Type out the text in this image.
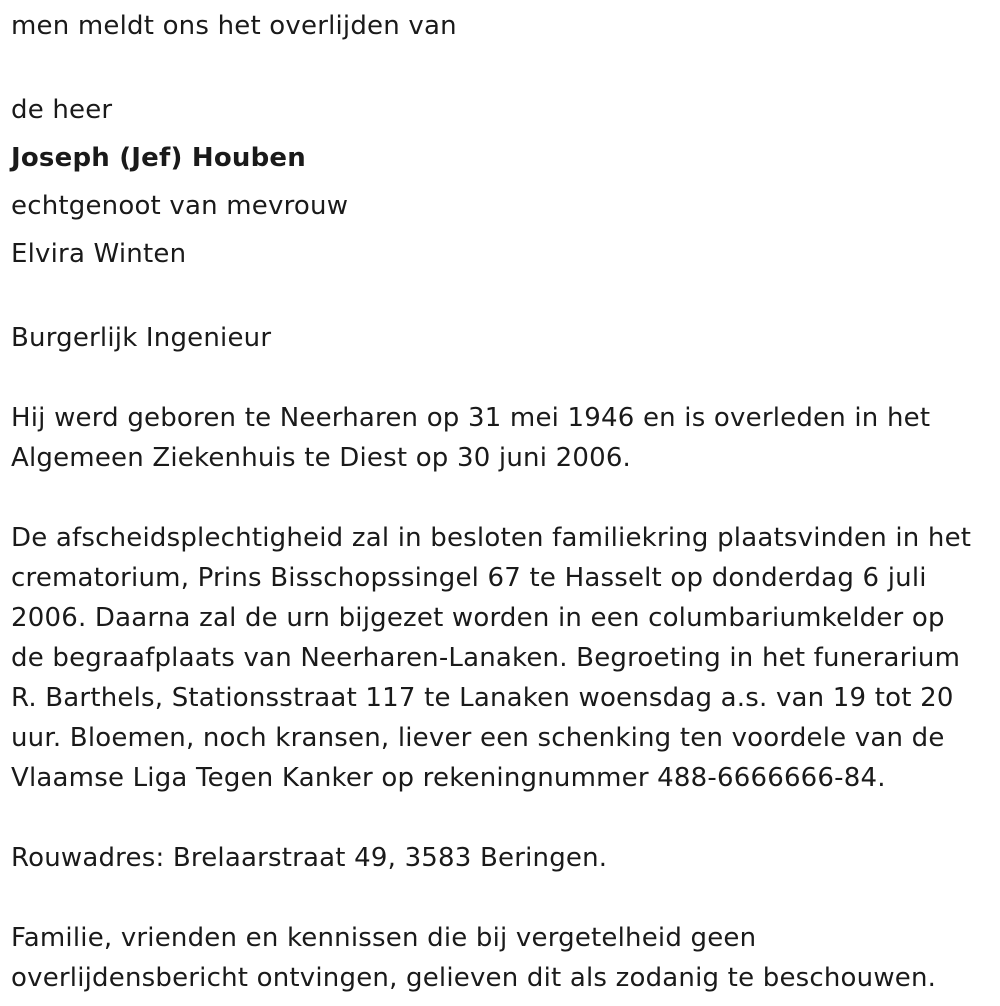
men meldt ons het overlijden van

de heer

Joseph (Jef) Houben

echtgenoot van mevrouw

Elvira Winten

Burgerlijk Ingenieur

Hij werd geboren te Neerharen op 31 mei 1946 en is overleden in het Algemeen Ziekenhuis te Diest op 30 juni 2006.

De afscheidsplechtigheid zal in besloten familiekring plaatsvinden in het crematorium, Prins Bisschopssingel 67 te Hasselt op donderdag 6 juli 2006. Daarna zal de urn bijgezet worden in een columbariumkelder op de begraafplaats van Neerharen-Lanaken. Begroeting in het funerarium R. Barthels, Stationsstraat 117 te Lanaken woensdag a.s. van 19 tot 20 uur. Bloemen, noch kransen, liever een schenking ten voordele van de Vlaamse Liga Tegen Kanker op rekeningnummer 488-6666666-84.

Rouwadres: Brelaarstraat 49, 3583 Beringen.

Familie, vrienden en kennissen die bij vergetelheid geen overlijdensbericht ontvingen, gelieven dit als zodanig te beschouwen.
